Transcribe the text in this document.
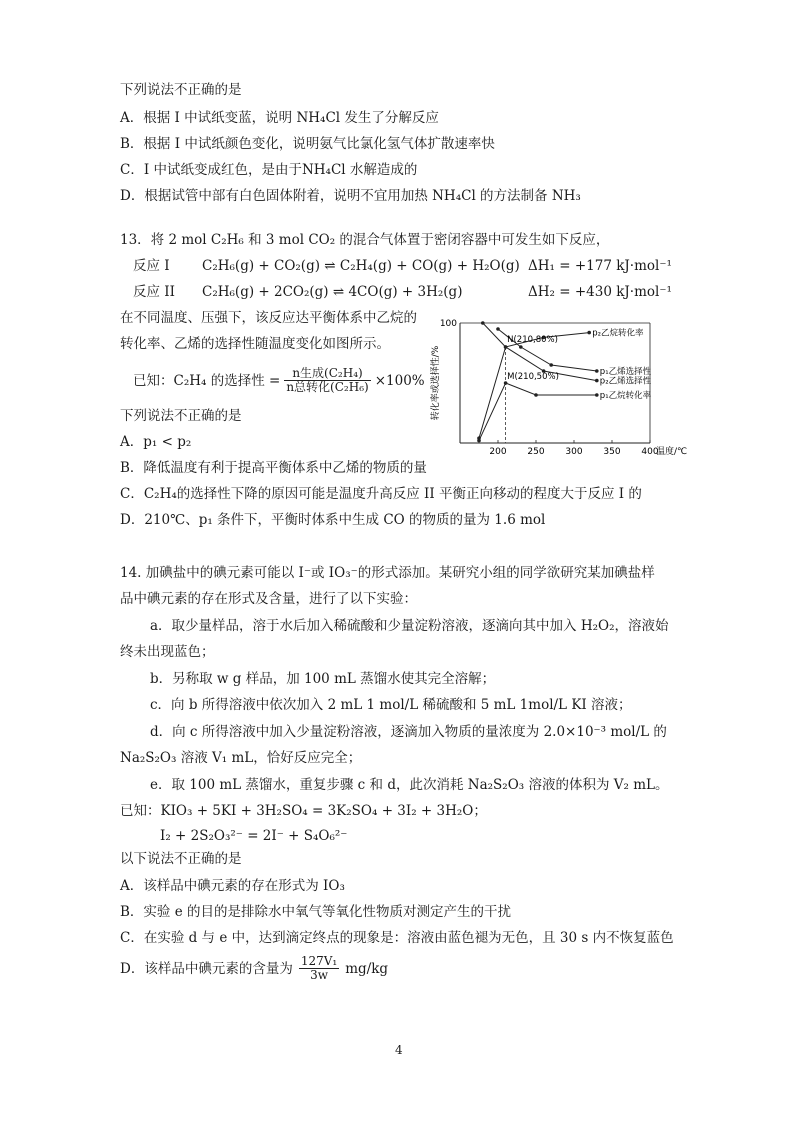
下列说法不正确的是
A．根据 I 中试纸变蓝，说明 NH₄Cl 发生了分解反应
B．根据 I 中试纸颜色变化，说明氨气比氯化氢气体扩散速率快
C．I 中试纸变成红色，是由于NH₄Cl 水解造成的
D．根据试管中部有白色固体附着，说明不宜用加热 NH₄Cl 的方法制备 NH₃
13．将 2 mol C₂H₆ 和 3 mol CO₂ 的混合气体置于密闭容器中可发生如下反应，
反应 I C₂H₆(g) + CO₂(g) ⇌ C₂H₄(g) + CO(g) + H₂O(g) ΔH₁ = +177 kJ·mol⁻¹
反应 II C₂H₆(g) + 2CO₂(g) ⇌ 4CO(g) + 3H₂(g)	ΔH₂ = +430 kJ·mol⁻¹
在不同温度、压强下，该反应达平衡体系中乙烷的
转化率、乙烯的选择性随温度变化如图所示。
已知：C₂H₄ 的选择性 = $\frac{\text{n生成(C₂H₄)}}{\text{n总转化(C₂H₆)}} \times 100\%$
下列说法不正确的是
A．p₁ < p₂
B．降低温度有利于提高平衡体系中乙烯的物质的量
C．C₂H₄的选择性下降的原因可能是温度升高反应 II 平衡正向移动的程度大于反应 I 的
D．210℃、p₁ 条件下，平衡时体系中生成 CO 的物质的量为 1.6 mol
200 250 300 350 400
100
温度/℃
转化率或选择性/%
p₂乙烷转化率
p₁乙烯选择性
p₂乙烯选择性
p₁乙烷转化率
N(210,80%)
M(210,50%)
14. 加碘盐中的碘元素可能以 I⁻或 IO₃⁻的形式添加。某研究小组的同学欲研究某加碘盐样
品中碘元素的存在形式及含量，进行了以下实验：
a．取少量样品，溶于水后加入稀硫酸和少量淀粉溶液，逐滴向其中加入 H₂O₂，溶液始
终未出现蓝色；
b．另称取 w g 样品，加 100 mL 蒸馏水使其完全溶解；
c．向 b 所得溶液中依次加入 2 mL 1 mol/L 稀硫酸和 5 mL 1mol/L KI 溶液；
d．向 c 所得溶液中加入少量淀粉溶液，逐滴加入物质的量浓度为 2.0×10⁻³ mol/L 的
Na₂S₂O₃ 溶液 V₁ mL，恰好反应完全；
e．取 100 mL 蒸馏水，重复步骤 c 和 d，此次消耗 Na₂S₂O₃ 溶液的体积为 V₂ mL。
已知：KIO₃ + 5KI + 3H₂SO₄ = 3K₂SO₄ + 3I₂ + 3H₂O；
I₂ + 2S₂O₃²⁻ = 2I⁻ + S₄O₆²⁻
以下说法不正确的是
A．该样品中碘元素的存在形式为 IO₃
B．实验 e 的目的是排除水中氧气等氧化性物质对测定产生的干扰
C．在实验 d 与 e 中，达到滴定终点的现象是：溶液由蓝色褪为无色，且 30 s 内不恢复蓝色
D．该样品中碘元素的含量为 $\frac{\text{127V₁}}{3w} mg/kg$
4
